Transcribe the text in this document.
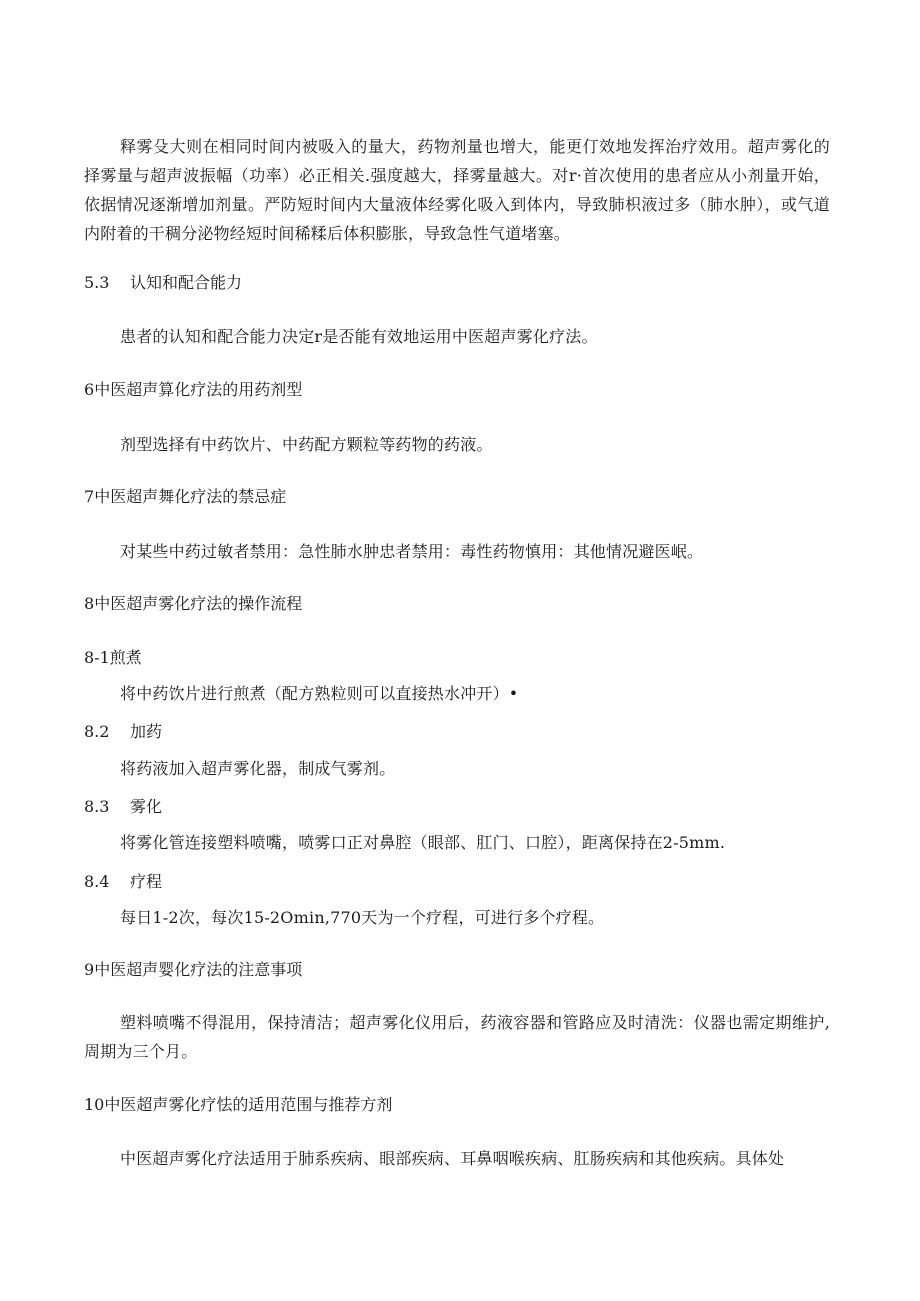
释雾殳大则在相同时间内被吸入的量大，药物剂量也增大，能更仃效地发挥治疗效用。超声雾化的择雾量与超声波振幅（功率）必正相关.强度越大，择雾量越大。对r·首次使用的患者应从小剂量开始，依据情况逐渐增加剂量。严防短时间内大量液体经雾化吸入到体内，导致肺枳液过多（肺水肿），或气道内附着的干稠分泌物经短时间稀糅后体积膨胀，导致急性气道堵塞。

5.3 认知和配合能力

患者的认知和配合能力决定r是否能有效地运用中医超声雾化疗法。

6中医超声算化疗法的用药剂型

剂型选择有中药饮片、中药配方颗粒等药物的药液。

7中医超声舞化疗法的禁忌症

对某些中药过敏者禁用：急性肺水肿忠者禁用：毒性药物慎用：其他情况避医岷。

8中医超声雾化疗法的操作流程
8-1煎煮

将中药饮片进行煎煮（配方熟粒则可以直接热水冲开）•

8.2 加药

将药液加入超声雾化器，制成气雾剂。

8.3 雾化

将雾化管连接塑料喷嘴，喷雾口正对鼻腔（眼部、肛门、口腔），距离保持在2-5mm.

8.4 疗程

每日1-2次，每次15-2Omin,770天为一个疗程，可进行多个疗程。

9中医超声婴化疗法的注意事项

塑料喷嘴不得混用，保持清洁；超声雾化仪用后，药液容器和管路应及时清洗：仪器也需定期维护,周期为三个月。

10中医超声雾化疗怯的适用范围与推荐方剂

中医超声雾化疗法适用于肺系疾病、眼部疾病、耳鼻咽喉疾病、肛肠疾病和其他疾病。具体处
